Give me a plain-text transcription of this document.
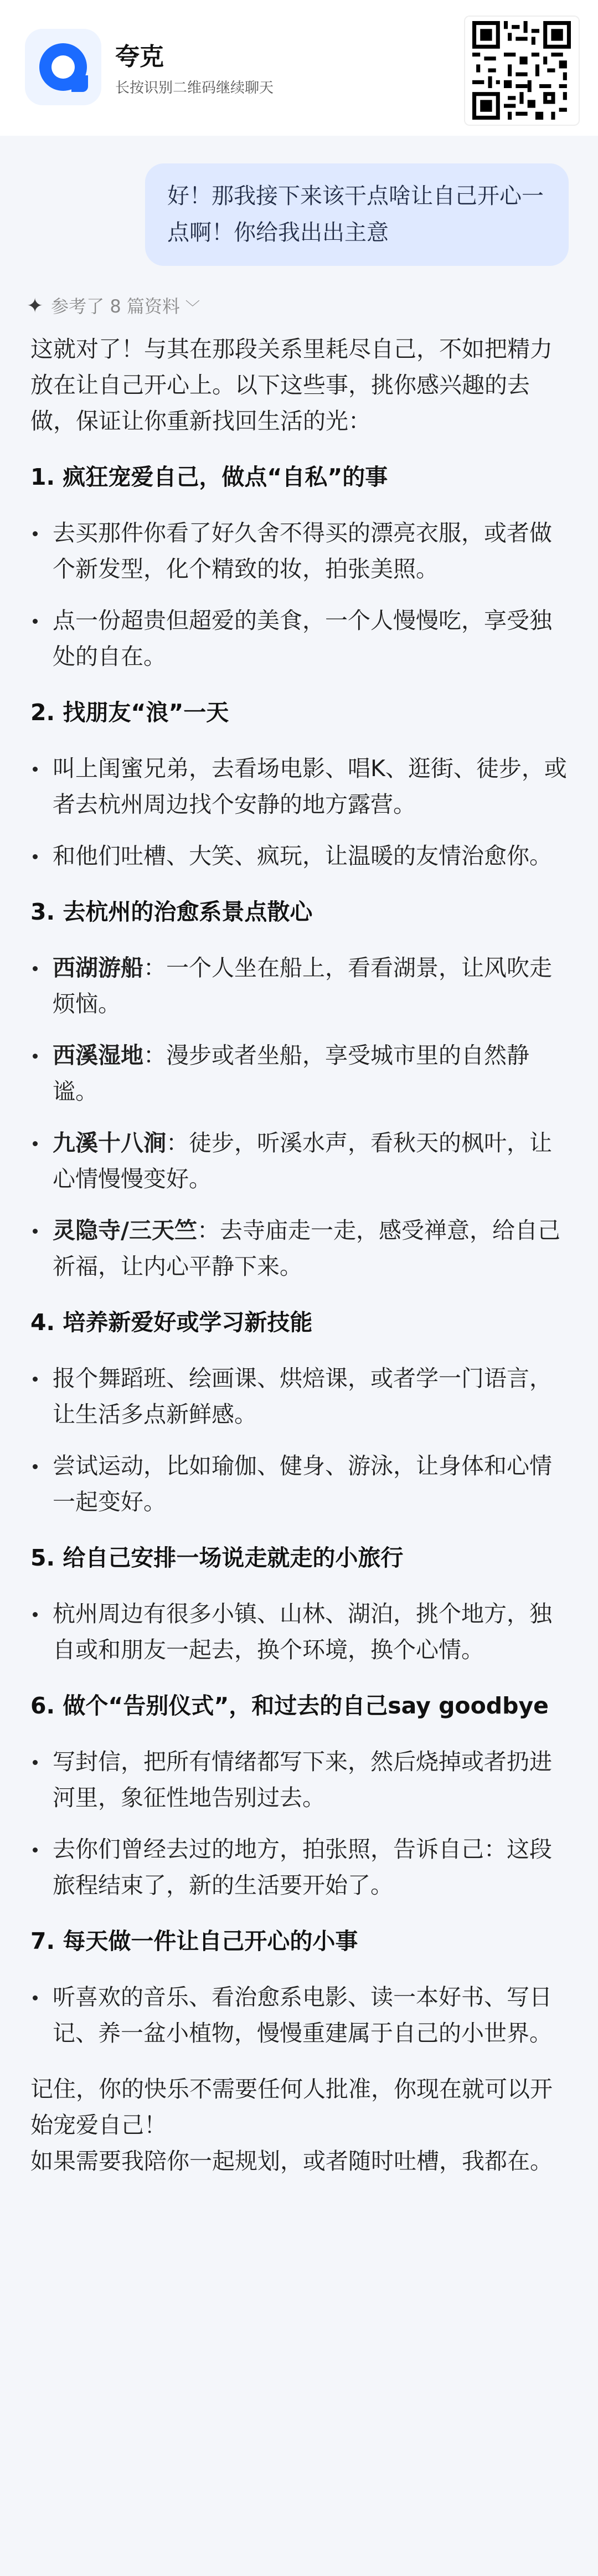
夸克
长按识别二维码继续聊天
好！那我接下来该干点啥让自己开心一点啊！你给我出出主意
✦ 参考了 8 篇资料 ﹀

这就对了！与其在那段关系里耗尽自己，不如把精力放在让自己开心上。以下这些事，挑你感兴趣的去做，保证让你重新找回生活的光：

1. 疯狂宠爱自己，做点“自私”的事
去买那件你看了好久舍不得买的漂亮衣服，或者做个新发型，化个精致的妆，拍张美照。
点一份超贵但超爱的美食，一个人慢慢吃，享受独处的自在。
2. 找朋友“浪”一天
叫上闺蜜兄弟，去看场电影、唱K、逛街、徒步，或者去杭州周边找个安静的地方露营。
和他们吐槽、大笑、疯玩，让温暖的友情治愈你。
3. 去杭州的治愈系景点散心
西湖游船：一个人坐在船上，看看湖景，让风吹走烦恼。
西溪湿地：漫步或者坐船，享受城市里的自然静谧。
九溪十八涧：徒步，听溪水声，看秋天的枫叶，让心情慢慢变好。
灵隐寺/三天竺：去寺庙走一走，感受禅意，给自己祈福，让内心平静下来。
4. 培养新爱好或学习新技能
报个舞蹈班、绘画课、烘焙课，或者学一门语言，让生活多点新鲜感。
尝试运动，比如瑜伽、健身、游泳，让身体和心情一起变好。
5. 给自己安排一场说走就走的小旅行
杭州周边有很多小镇、山林、湖泊，挑个地方，独自或和朋友一起去，换个环境，换个心情。
6. 做个“告别仪式”，和过去的自己say goodbye
写封信，把所有情绪都写下来，然后烧掉或者扔进河里，象征性地告别过去。
去你们曾经去过的地方，拍张照，告诉自己：这段旅程结束了，新的生活要开始了。
7. 每天做一件让自己开心的小事
听喜欢的音乐、看治愈系电影、读一本好书、写日记、养一盆小植物，慢慢重建属于自己的小世界。

记住，你的快乐不需要任何人批准，你现在就可以开始宠爱自己！

如果需要我陪你一起规划，或者随时吐槽，我都在。
